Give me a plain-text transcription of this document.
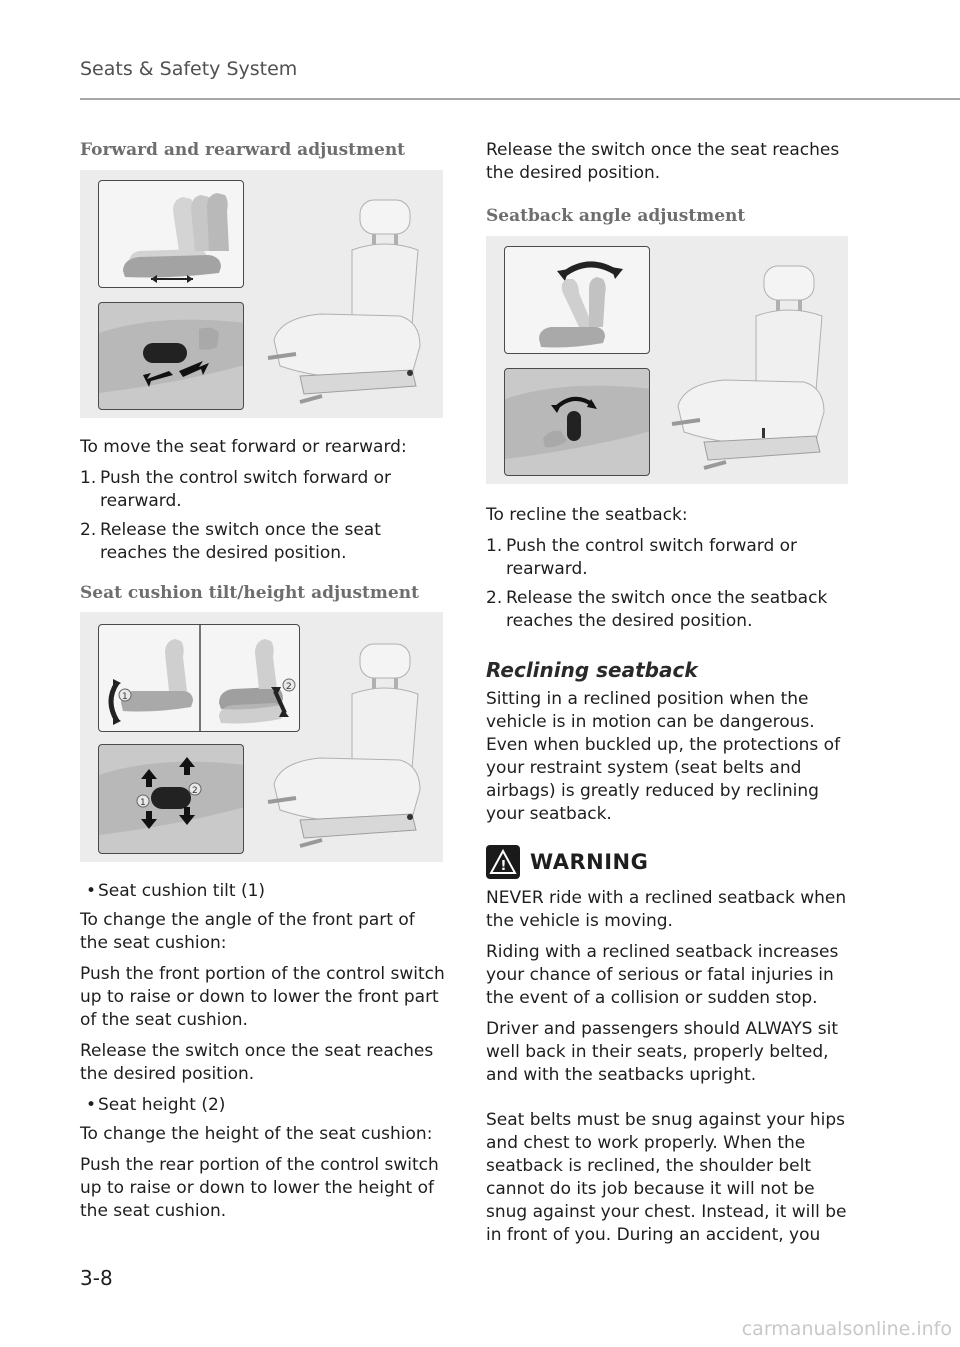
Seats & Safety System
Forward and rearward adjustment

To move the seat forward or rearward:

1. Push the control switch forward or rearward.

2. Release the switch once the seat reaches the desired position.

Seat cushion tilt/height adjustment
1
2
1
2

• Seat cushion tilt (1)

To change the angle of the front part of the seat cushion:

Push the front portion of the control switch up to raise or down to lower the front part of the seat cushion.

Release the switch once the seat reaches the desired position.

• Seat height (2)

To change the height of the seat cushion:

Push the rear portion of the control switch up to raise or down to lower the height of the seat cushion.

Release the switch once the seat reaches the desired position.

Seatback angle adjustment

To recline the seatback:

1. Push the control switch forward or rearward.

2. Release the switch once the seatback reaches the desired position.

Reclining seatback

Sitting in a reclined position when the vehicle is in motion can be dangerous. Even when buckled up, the protections of your restraint system (seat belts and airbags) is greatly reduced by reclining your seatback.

! WARNING

NEVER ride with a reclined seatback when the vehicle is moving.

Riding with a reclined seatback increases your chance of serious or fatal injuries in the event of a collision or sudden stop.

Driver and passengers should ALWAYS sit well back in their seats, properly belted, and with the seatbacks upright.

Seat belts must be snug against your hips and chest to work properly. When the seatback is reclined, the shoulder belt cannot do its job because it will not be snug against your chest. Instead, it will be in front of you. During an accident, you

3-8
carmanualsonline.info
